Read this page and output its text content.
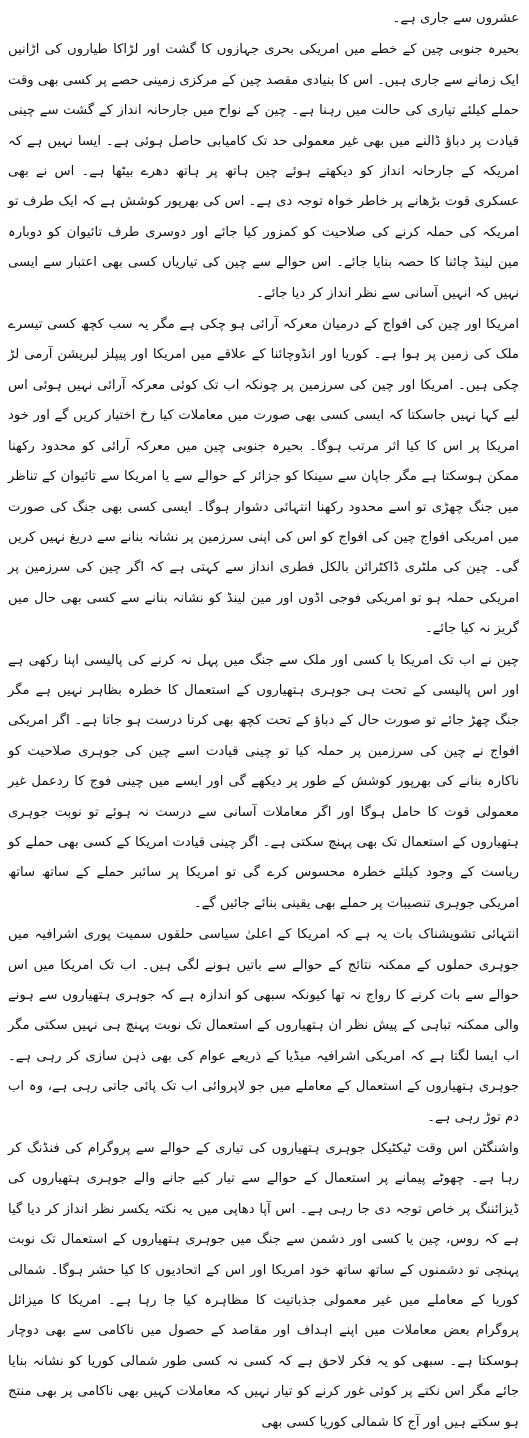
عشروں سے جاری ہے۔

بحیرہ جنوبی چین کے خطے میں امریکی بحری جہازوں کا گشت اور لڑاکا طیاروں کی اڑانیں ایک زمانے سے جاری ہیں۔ اس کا بنیادی مقصد چین کے مرکزی زمینی حصے پر کسی بھی وقت حملے کیلئے تیاری کی حالت میں رہنا ہے۔ چین کے نواح میں جارحانہ انداز کے گشت سے چینی قیادت پر دباؤ ڈالنے میں بھی غیر معمولی حد تک کامیابی حاصل ہوئی ہے۔ ایسا نہیں ہے کہ امریکہ کے جارحانہ انداز کو دیکھتے ہوئے چین ہاتھ پر ہاتھ دھرے بیٹھا ہے۔ اس نے بھی عسکری قوت بڑھانے پر خاطر خواہ توجہ دی ہے۔ اس کی بھرپور کوشش ہے کہ ایک طرف تو امریکہ کی حملہ کرنے کی صلاحیت کو کمزور کیا جائے اور دوسری طرف تائیوان کو دوبارہ مین لینڈ چائنا کا حصہ بنایا جائے۔ اس حوالے سے چین کی تیاریاں کسی بھی اعتبار سے ایسی نہیں کہ انہیں آسانی سے نظر انداز کر دیا جائے۔

امریکا اور چین کی افواج کے درمیان معرکہ آرائی ہو چکی ہے مگر یہ سب کچھ کسی تیسرے ملک کی زمین پر ہوا ہے۔ کوریا اور انڈوچائنا کے علاقے میں امریکا اور پیپلز لبریشن آرمی لڑ چکی ہیں۔ امریکا اور چین کی سرزمین پر چونکہ اب تک کوئی معرکہ آرائی نہیں ہوئی اس لیے کہا نہیں جاسکتا کہ ایسی کسی بھی صورت میں معاملات کیا رخ اختیار کریں گے اور خود امریکا پر اس کا کیا اثر مرتب ہوگا۔ بحیرہ جنوبی چین میں معرکہ آرائی کو محدود رکھنا ممکن ہوسکتا ہے مگر جاپان سے سینکا کو جزائر کے حوالے سے یا امریکا سے تائیوان کے تناظر میں جنگ چھڑی تو اسے محدود رکھنا انتہائی دشوار ہوگا۔ ایسی کسی بھی جنگ کی صورت میں امریکی افواج چین کی افواج کو اس کی اپنی سرزمین پر نشانہ بنانے سے دریغ نہیں کریں گی۔ چین کی ملٹری ڈاکٹرائن بالکل فطری انداز سے کہتی ہے کہ اگر چین کی سرزمین پر امریکی حملہ ہو تو امریکی فوجی اڈوں اور مین لینڈ کو نشانہ بنانے سے کسی بھی حال میں گریز نہ کیا جائے۔

چین نے اب تک امریکا یا کسی اور ملک سے جنگ میں پہل نہ کرنے کی پالیسی اپنا رکھی ہے اور اس پالیسی کے تحت ہی جوہری ہتھیاروں کے استعمال کا خطرہ بظاہر نہیں ہے مگر جنگ چھڑ جائے تو صورت حال کے دباؤ کے تحت کچھ بھی کرنا درست ہو جاتا ہے۔ اگر امریکی افواج نے چین کی سرزمین پر حملہ کیا تو چینی قیادت اسے چین کی جوہری صلاحیت کو ناکارہ بنانے کی بھرپور کوشش کے طور پر دیکھے گی اور ایسے میں چینی فوج کا ردعمل غیر معمولی قوت کا حامل ہوگا اور اگر معاملات آسانی سے درست نہ ہوئے تو نوبت جوہری ہتھیاروں کے استعمال تک بھی پہنچ سکتی ہے۔ اگر چینی قیادت امریکا کے کسی بھی حملے کو ریاست کے وجود کیلئے خطرہ محسوس کرے گی تو امریکا پر سائبر حملے کے ساتھ ساتھ امریکی جوہری تنصیبات پر حملے بھی یقینی بنائے جائیں گے۔

انتہائی تشویشناک بات یہ ہے کہ امریکا کے اعلیٰ سیاسی حلقوں سمیت پوری اشرافیہ میں جوہری حملوں کے ممکنہ نتائج کے حوالے سے باتیں ہونے لگی ہیں۔ اب تک امریکا میں اس حوالے سے بات کرنے کا رواج نہ تھا کیونکہ سبھی کو اندازہ ہے کہ جوہری ہتھیاروں سے ہونے والی ممکنہ تباہی کے پیش نظر ان ہتھیاروں کے استعمال تک نوبت پہنچ ہی نہیں سکتی مگر اب ایسا لگتا ہے کہ امریکی اشرافیہ میڈیا کے ذریعے عوام کی بھی ذہن سازی کر رہی ہے۔ جوہری ہتھیاروں کے استعمال کے معاملے میں جو لاپروائی اب تک پائی جاتی رہی ہے، وہ اب دم توڑ رہی ہے۔

واشنگٹن اس وقت ٹیکٹیکل جوہری ہتھیاروں کی تیاری کے حوالے سے پروگرام کی فنڈنگ کر رہا ہے۔ چھوٹے پیمانے پر استعمال کے حوالے سے تیار کیے جانے والے جوہری ہتھیاروں کی ڈیزائننگ پر خاص توجہ دی جا رہی ہے۔ اس آپا دھاپی میں یہ نکتہ یکسر نظر انداز کر دیا گیا ہے کہ روس، چین یا کسی اور دشمن سے جنگ میں جوہری ہتھیاروں کے استعمال تک نوبت پہنچی تو دشمنوں کے ساتھ ساتھ خود امریکا اور اس کے اتحادیوں کا کیا حشر ہوگا۔ شمالی کوریا کے معاملے میں غیر معمولی جذباتیت کا مظاہرہ کیا جا رہا ہے۔ امریکا کا میزائل پروگرام بعض معاملات میں اپنے اہداف اور مقاصد کے حصول میں ناکامی سے بھی دوچار ہوسکتا ہے۔ سبھی کو یہ فکر لاحق ہے کہ کسی نہ کسی طور شمالی کوریا کو نشانہ بنایا جائے مگر اس نکتے پر کوئی غور کرنے کو تیار نہیں کہ معاملات کہیں بھی ناکامی پر بھی منتج ہو سکتے ہیں اور آج کا شمالی کوریا کسی بھی
